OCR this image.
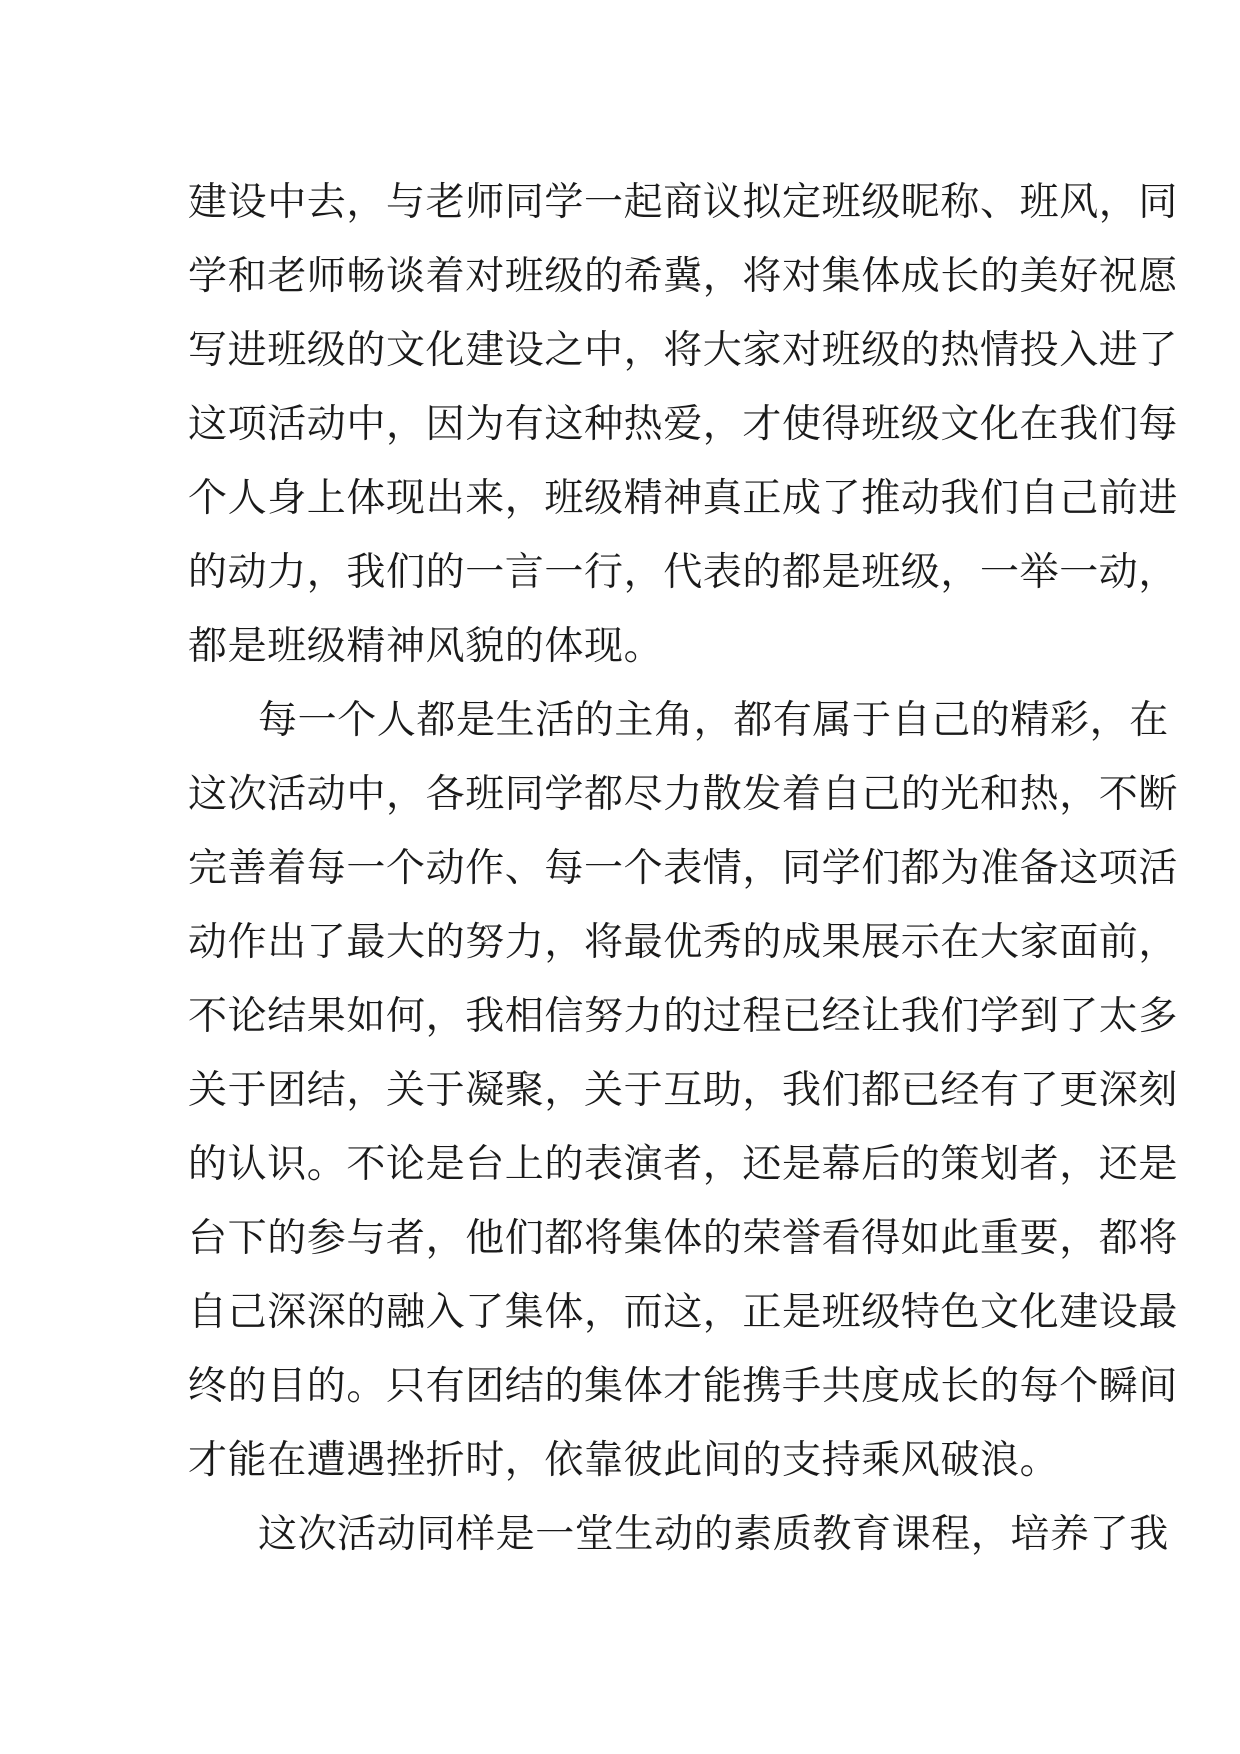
建设中去，与老师同学一起商议拟定班级昵称、班风，同
学和老师畅谈着对班级的希冀，将对集体成长的美好祝愿
写进班级的文化建设之中，将大家对班级的热情投入进了
这项活动中，因为有这种热爱，才使得班级文化在我们每
个人身上体现出来，班级精神真正成了推动我们自己前进
的动力，我们的一言一行，代表的都是班级，一举一动，
都是班级精神风貌的体现。
每一个人都是生活的主角，都有属于自己的精彩，在
这次活动中，各班同学都尽力散发着自己的光和热，不断
完善着每一个动作、每一个表情，同学们都为准备这项活
动作出了最大的努力，将最优秀的成果展示在大家面前，
不论结果如何，我相信努力的过程已经让我们学到了太多
关于团结，关于凝聚，关于互助，我们都已经有了更深刻
的认识。不论是台上的表演者，还是幕后的策划者，还是
台下的参与者，他们都将集体的荣誉看得如此重要，都将
自己深深的融入了集体，而这，正是班级特色文化建设最
终的目的。只有团结的集体才能携手共度成长的每个瞬间
才能在遭遇挫折时，依靠彼此间的支持乘风破浪。
这次活动同样是一堂生动的素质教育课程，培养了我
